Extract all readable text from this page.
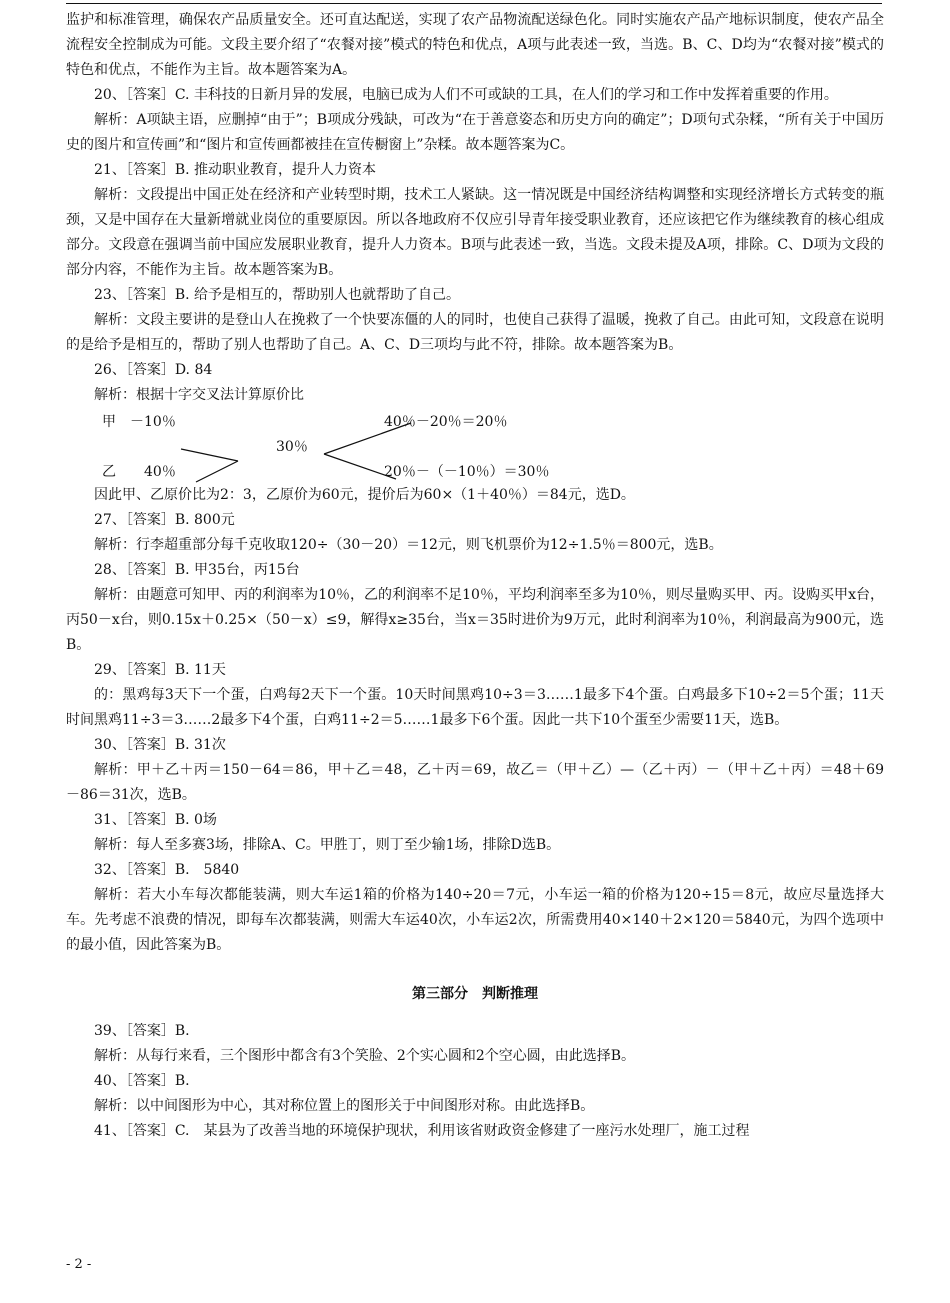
监护和标准管理，确保农产品质量安全。还可直达配送，实现了农产品物流配送绿色化。同时实施农产品产地标识制度，使农产品全流程安全控制成为可能。文段主要介绍了“农餐对接”模式的特色和优点，A项与此表述一致，当选。B、C、D均为“农餐对接”模式的特色和优点，不能作为主旨。故本题答案为A。

20、［答案］C. 丰科技的日新月异的发展，电脑已成为人们不可或缺的工具，在人们的学习和工作中发挥着重要的作用。

解析：A项缺主语，应删掉“由于”；B项成分残缺，可改为“在于善意姿态和历史方向的确定”；D项句式杂糅，“所有关于中国历史的图片和宣传画”和“图片和宣传画都被挂在宣传橱窗上”杂糅。故本题答案为C。

21、［答案］B. 推动职业教育，提升人力资本

解析：文段提出中国正处在经济和产业转型时期，技术工人紧缺。这一情况既是中国经济结构调整和实现经济增长方式转变的瓶颈，又是中国存在大量新增就业岗位的重要原因。所以各地政府不仅应引导青年接受职业教育，还应该把它作为继续教育的核心组成部分。文段意在强调当前中国应发展职业教育，提升人力资本。B项与此表述一致，当选。文段未提及A项，排除。C、D项为文段的部分内容，不能作为主旨。故本题答案为B。

23、［答案］B. 给予是相互的，帮助别人也就帮助了自己。

解析：文段主要讲的是登山人在挽救了一个快要冻僵的人的同时，也使自己获得了温暖，挽救了自己。由此可知，文段意在说明的是给予是相互的，帮助了别人也帮助了自己。A、C、D三项均与此不符，排除。故本题答案为B。

26、［答案］D. 84

解析：根据十字交叉法计算原价比

甲　－10％	40％－20％＝20％
30％
乙　　40％	20％－（－10％）＝30％

因此甲、乙原价比为2：3，乙原价为60元，提价后为60×（1＋40％）＝84元，选D。

27、［答案］B. 800元

解析：行李超重部分每千克收取120÷（30－20）＝12元，则飞机票价为12÷1.5％＝800元，选B。

28、［答案］B. 甲35台，丙15台

解析：由题意可知甲、丙的利润率为10％，乙的利润率不足10％，平均利润率至多为10％，则尽量购买甲、丙。设购买甲x台，丙50－x台，则0.15x＋0.25×（50－x）≤9，解得x≥35台，当x＝35时进价为9万元，此时利润率为10％，利润最高为900元，选B。

29、［答案］B. 11天

的：黑鸡每3天下一个蛋，白鸡每2天下一个蛋。10天时间黑鸡10÷3＝3……1最多下4个蛋。白鸡最多下10÷2＝5个蛋；11天时间黑鸡11÷3＝3……2最多下4个蛋，白鸡11÷2＝5……1最多下6个蛋。因此一共下10个蛋至少需要11天，选B。

30、［答案］B. 31次

解析：甲＋乙＋丙＝150－64＝86，甲＋乙＝48，乙＋丙＝69，故乙＝（甲＋乙）—（乙＋丙）－（甲＋乙＋丙）＝48＋69－86＝31次，选B。

31、［答案］B. 0场

解析：每人至多赛3场，排除A、C。甲胜丁，则丁至少输1场，排除D选B。

32、［答案］B.　5840

解析：若大小车每次都能装满，则大车运1箱的价格为140÷20＝7元，小车运一箱的价格为120÷15＝8元，故应尽量选择大车。先考虑不浪费的情况，即每车次都装满，则需大车运40次，小车运2次，所需费用40×140＋2×120＝5840元，为四个选项中的最小值，因此答案为B。

第三部分　判断推理

39、［答案］B.

解析：从每行来看，三个图形中都含有3个笑脸、2个实心圆和2个空心圆，由此选择B。

40、［答案］B.

解析：以中间图形为中心，其对称位置上的图形关于中间图形对称。由此选择B。

41、［答案］C.　某县为了改善当地的环境保护现状，利用该省财政资金修建了一座污水处理厂，施工过程

- 2 -
